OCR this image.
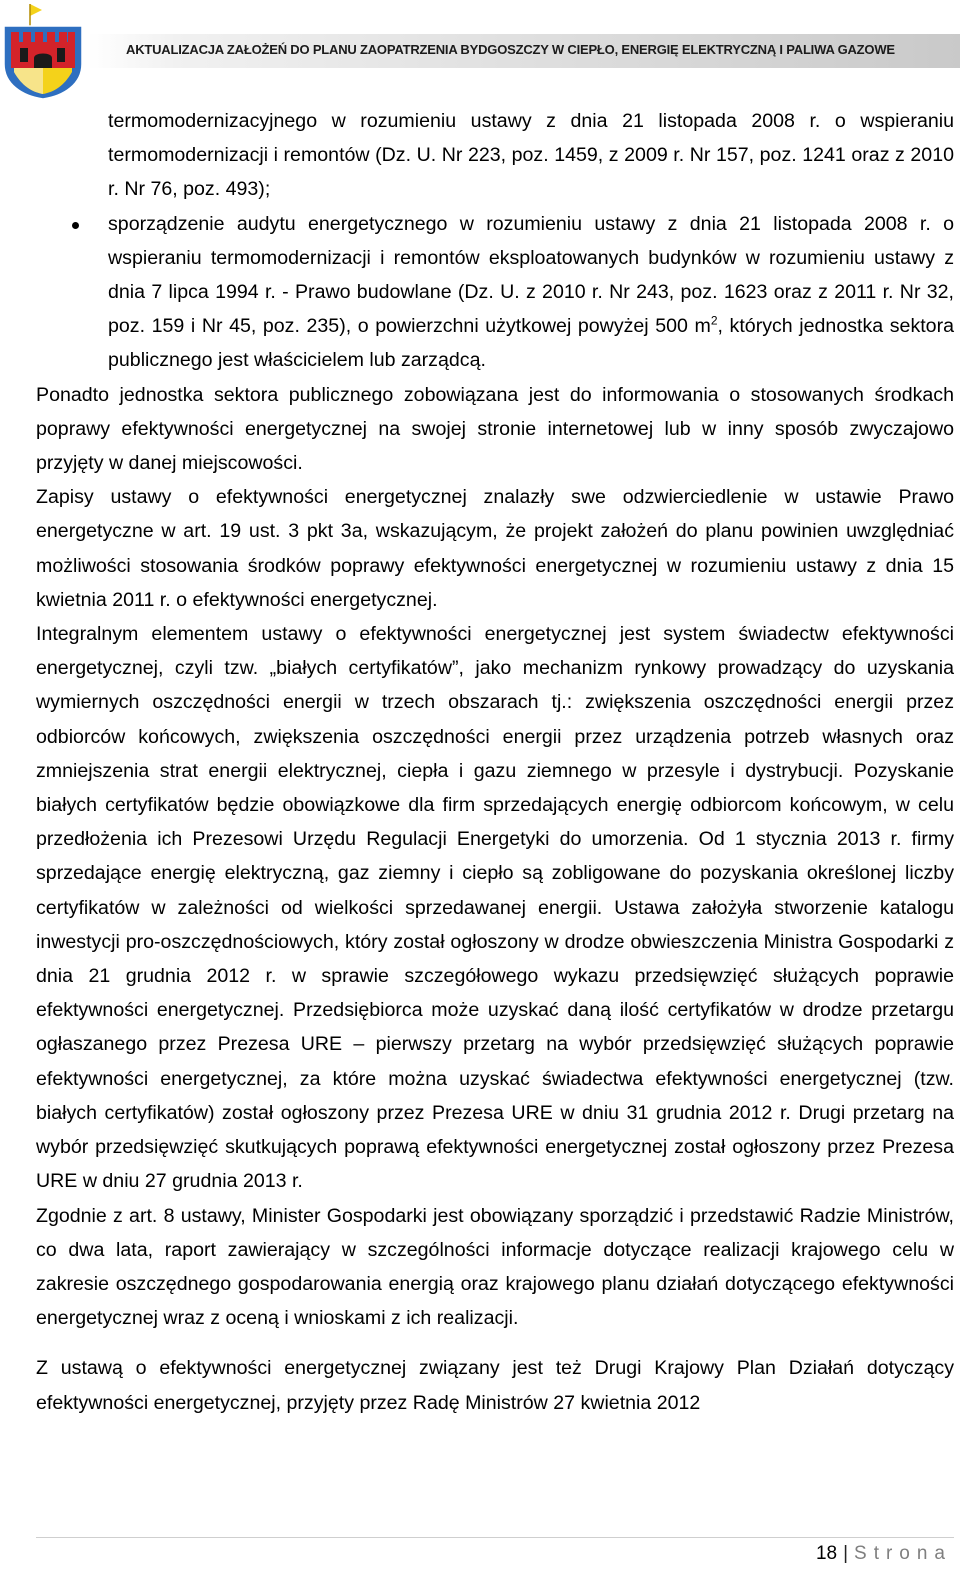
AKTUALIZACJA ZAŁOŻEŃ DO PLANU ZAOPATRZENIA BYDGOSZCZY W CIEPŁO, ENERGIĘ ELEKTRYCZNĄ I PALIWA GAZOWE

termomodernizacyjnego w rozumieniu ustawy z dnia 21 listopada 2008 r. o wspieraniu termomodernizacji i remontów (Dz. U. Nr 223, poz. 1459, z 2009 r. Nr 157, poz. 1241 oraz z 2010 r. Nr 76, poz. 493);

sporządzenie audytu energetycznego w rozumieniu ustawy z dnia 21 listopada 2008 r. o wspieraniu termomodernizacji i remontów eksploatowanych budynków w rozumieniu ustawy z dnia 7 lipca 1994 r. - Prawo budowlane (Dz. U. z 2010 r. Nr 243, poz. 1623 oraz z 2011 r. Nr 32, poz. 159 i Nr 45, poz. 235), o powierzchni użytkowej powyżej 500 $m^2$, których jednostka sektora publicznego jest właścicielem lub zarządcą.

Ponadto jednostka sektora publicznego zobowiązana jest do informowania o stosowanych środkach poprawy efektywności energetycznej na swojej stronie internetowej lub w inny sposób zwyczajowo przyjęty w danej miejscowości.

Zapisy ustawy o efektywności energetycznej znalazły swe odzwierciedlenie w ustawie Prawo energetyczne w art. 19 ust. 3 pkt 3a, wskazującym, że projekt założeń do planu powinien uwzględniać możliwości stosowania środków poprawy efektywności energetycznej w rozumieniu ustawy z dnia 15 kwietnia 2011 r. o efektywności energetycznej.

Integralnym elementem ustawy o efektywności energetycznej jest system świadectw efektywności energetycznej, czyli tzw. „białych certyfikatów”, jako mechanizm rynkowy prowadzący do uzyskania wymiernych oszczędności energii w trzech obszarach tj.: zwiększenia oszczędności energii przez odbiorców końcowych, zwiększenia oszczędności energii przez urządzenia potrzeb własnych oraz zmniejszenia strat energii elektrycznej, ciepła i gazu ziemnego w przesyle i dystrybucji. Pozyskanie białych certyfikatów będzie obowiązkowe dla firm sprzedających energię odbiorcom końcowym, w celu przedłożenia ich Prezesowi Urzędu Regulacji Energetyki do umorzenia. Od 1 stycznia 2013 r. firmy sprzedające energię elektryczną, gaz ziemny i ciepło są zobligowane do pozyskania określonej liczby certyfikatów w zależności od wielkości sprzedawanej energii. Ustawa założyła stworzenie katalogu inwestycji pro-oszczędnościowych, który został ogłoszony w drodze obwieszczenia Ministra Gospodarki z dnia 21 grudnia 2012 r. w sprawie szczegółowego wykazu przedsięwzięć służących poprawie efektywności energetycznej. Przedsiębiorca może uzyskać daną ilość certyfikatów w drodze przetargu ogłaszanego przez Prezesa URE – pierwszy przetarg na wybór przedsięwzięć służących poprawie efektywności energetycznej, za które można uzyskać świadectwa efektywności energetycznej (tzw. białych certyfikatów) został ogłoszony przez Prezesa URE w dniu 31 grudnia 2012 r. Drugi przetarg na wybór przedsięwzięć skutkujących poprawą efektywności energetycznej został ogłoszony przez Prezesa URE w dniu 27 grudnia 2013 r.

Zgodnie z art. 8 ustawy, Minister Gospodarki jest obowiązany sporządzić i przedstawić Radzie Ministrów, co dwa lata, raport zawierający w szczególności informacje dotyczące realizacji krajowego celu w zakresie oszczędnego gospodarowania energią oraz krajowego planu działań dotyczącego efektywności energetycznej wraz z oceną i wnioskami z ich realizacji.

Z ustawą o efektywności energetycznej związany jest też Drugi Krajowy Plan Działań dotyczący efektywności energetycznej, przyjęty przez Radę Ministrów 27 kwietnia 2012

18 | Strona
